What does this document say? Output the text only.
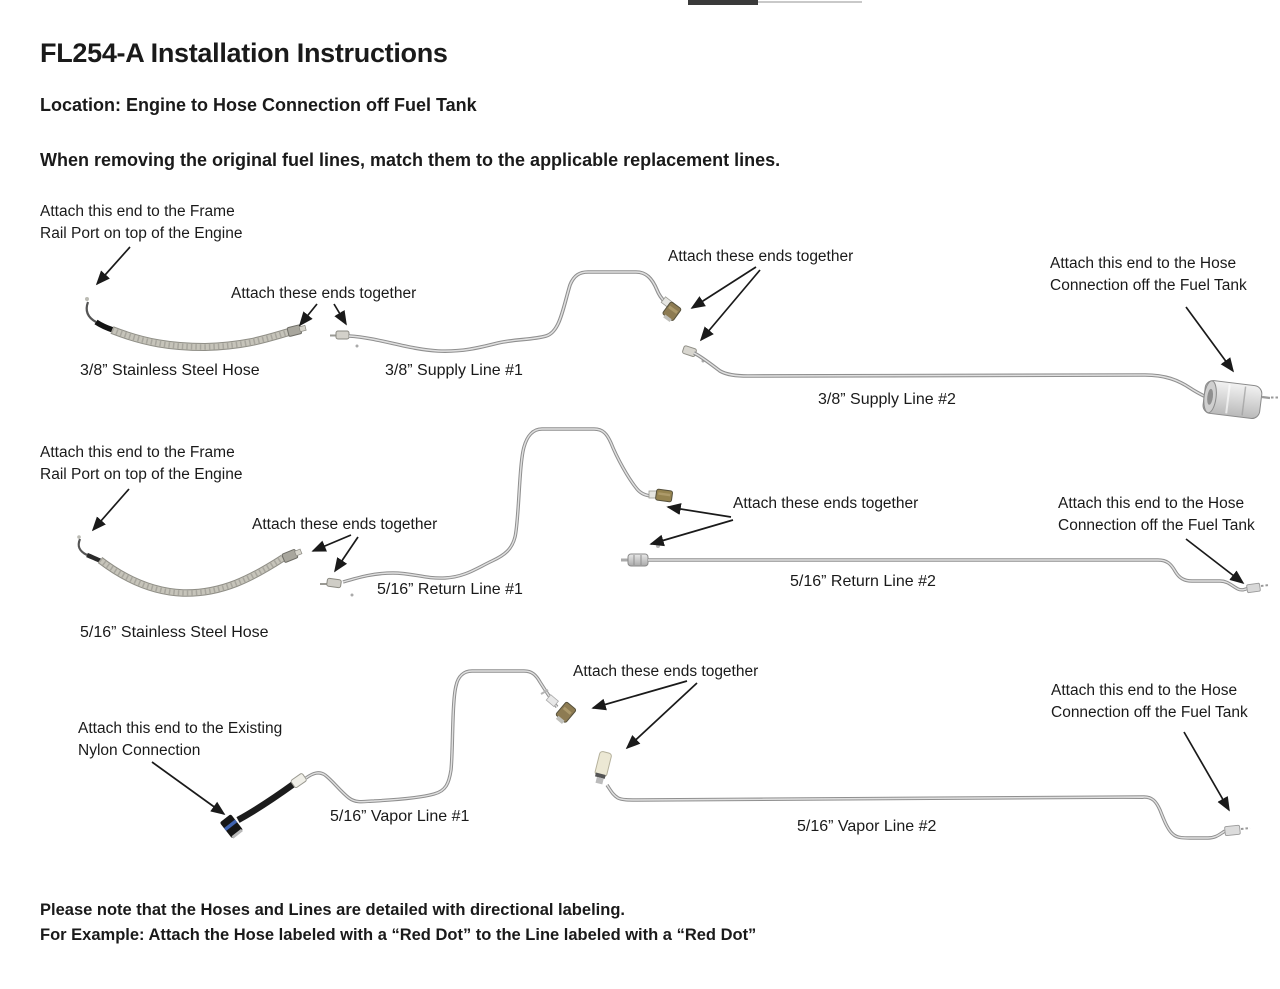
FL254-A Installation Instructions
Location: Engine to Hose Connection off Fuel Tank
When removing the original fuel lines, match them to the applicable replacement lines.
Attach this end to the Frame
Rail Port on top of the Engine
Attach these ends together
Attach these ends together	Attach this end to the Hose
Connection off the Fuel Tank
3/8” Stainless Steel Hose	3/8” Supply Line #1
3/8” Supply Line #2
Attach this end to the Frame
Rail Port on top of the Engine
Attach these ends together
Attach these ends together	Attach this end to the Hose
Connection off the Fuel Tank
5/16” Return Line #1	5/16” Return Line #2
5/16” Stainless Steel Hose
Attach these ends together
Attach this end to the Existing
Nylon Connection
Attach this end to the Hose
Connection off the Fuel Tank
5/16” Vapor Line #1
5/16” Vapor Line #2
Please note that the Hoses and Lines are detailed with directional labeling.
For Example: Attach the Hose labeled with a “Red Dot” to the Line labeled with a “Red Dot”
